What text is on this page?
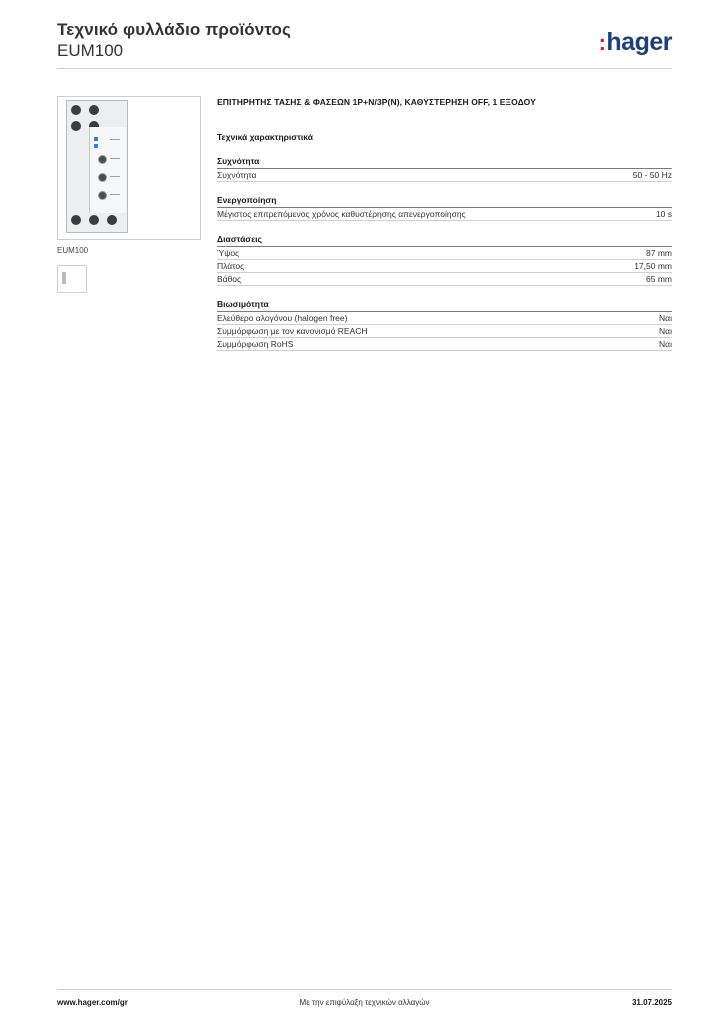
Τεχνικό φυλλάδιο προϊόντος
EUM100	:hager
EUM100
ΕΠΙΤΗΡΗΤΗΣ ΤΑΣΗΣ & ΦΑΣΕΩΝ 1Ρ+Ν/3Ρ(Ν), ΚΑΘΥΣΤΕΡΗΣΗ OFF, 1 ΕΞΟΔΟΥ
Τεχνικά χαρακτηριστικά
Συχνότητα
Συχνότητα	50 - 50 Hz
Ενεργοποίηση
Μέγιστος επιτρεπόμενος χρόνος καθυστέρησης απενεργοποίησης	10 s
Διαστάσεις
Ύψος	87 mm
Πλάτος	17,50 mm
Βάθος	65 mm
Βιωσιμότητα
Ελεύθερο αλογόνου (halogen free)	Ναι
Συμμόρφωση με τον κανονισμό REACH	Ναι
Συμμόρφωση RoHS	Ναι
www.hager.com/gr	Με την επιφύλαξη τεχνικών αλλαγών	31.07.2025
